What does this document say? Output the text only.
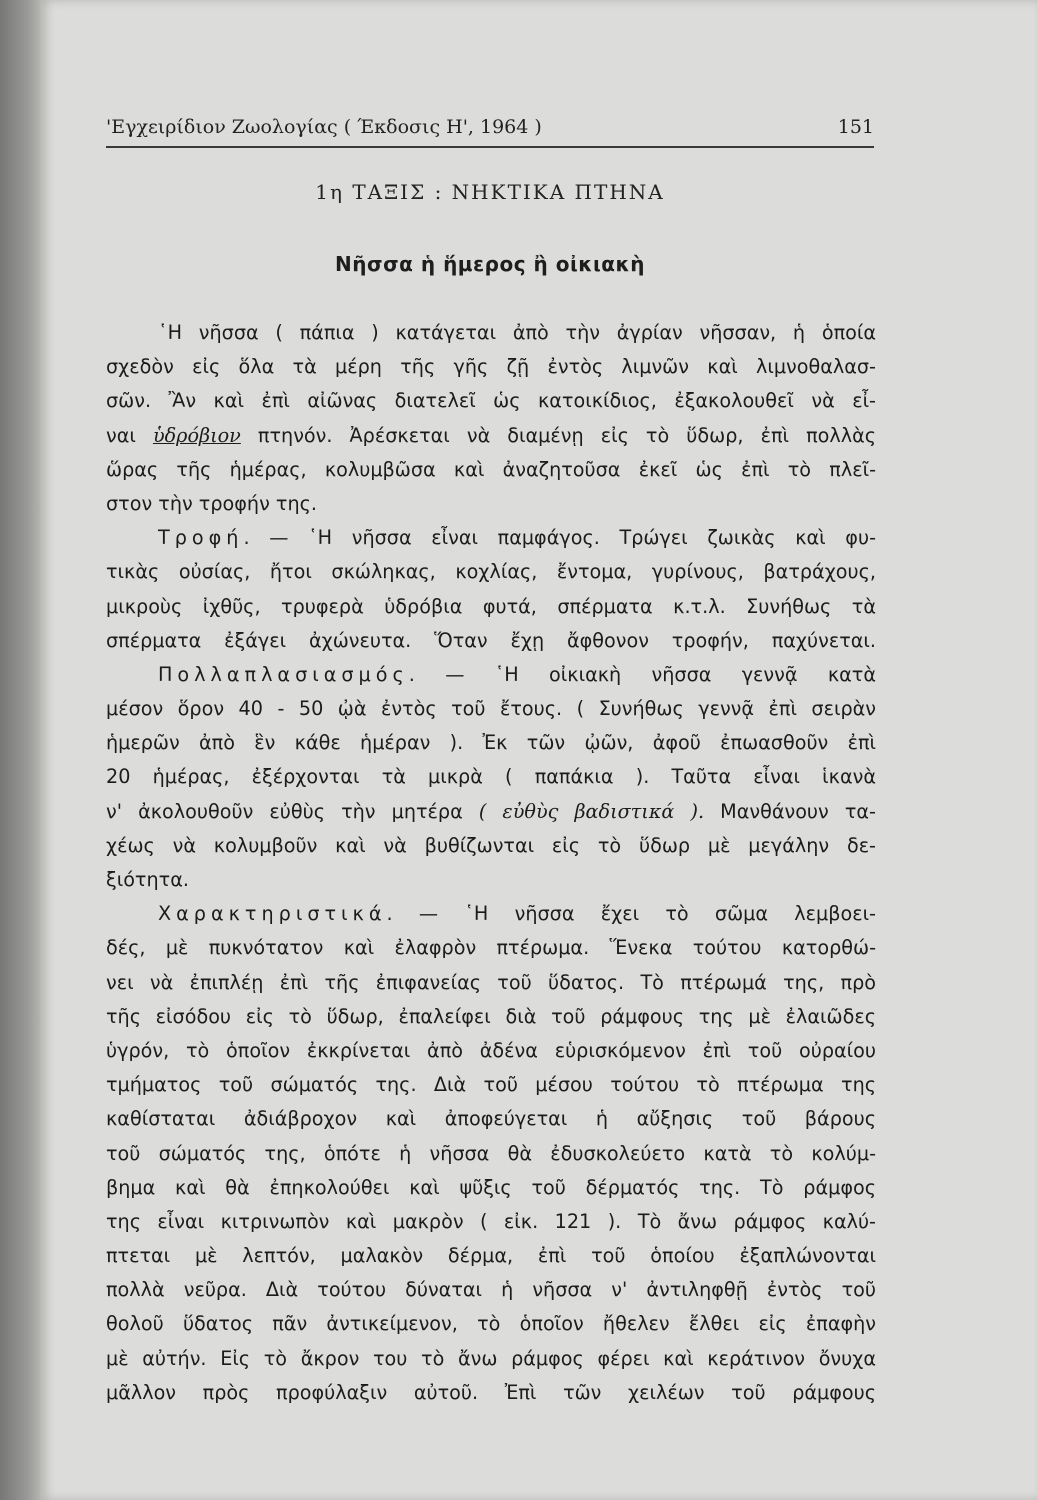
'Εγχειρίδιον Ζωολογίας ( Έκδοσις Η', 1964 )	151
1η ΤΑΞΙΣ : ΝΗΚΤΙΚΑ ΠΤΗΝΑ
Νῆσσα ἡ ἥμερος ἢ οἰκιακὴ
῾Η νῆσσα ( πάπια ) κατάγεται ἀπὸ τὴν ἀγρίαν νῆσσαν, ἡ ὁποία
σχεδὸν εἰς ὅλα τὰ μέρη τῆς γῆς ζῇ ἐντὸς λιμνῶν καὶ λιμνοθαλασ-
σῶν. Ἂν καὶ ἐπὶ αἰῶνας διατελεῖ ὡς κατοικίδιος, ἐξακολουθεῖ νὰ εἶ-
ναι ὑδρόβιον πτηνόν. Ἀρέσκεται νὰ διαμένῃ εἰς τὸ ὕδωρ, ἐπὶ πολλὰς
ὥρας τῆς ἡμέρας, κολυμβῶσα καὶ ἀναζητοῦσα ἐκεῖ ὡς ἐπὶ τὸ πλεῖ-
στον τὴν τροφήν της.
Τροφή. — ῾Η νῆσσα εἶναι παμφάγος. Τρώγει ζωικὰς καὶ φυ-
τικὰς οὐσίας, ἤτοι σκώληκας, κοχλίας, ἔντομα, γυρίνους, βατράχους,
μικροὺς ἰχθῦς, τρυφερὰ ὑδρόβια φυτά, σπέρματα κ.τ.λ. Συνήθως τὰ
σπέρματα ἐξάγει ἀχώνευτα. Ὅταν ἔχῃ ἄφθονον τροφήν, παχύνεται.
Πολλαπλασιασμός. — ῾Η οἰκιακὴ νῆσσα γεννᾷ κατὰ
μέσον ὅρον 40 - 50 ᾠὰ ἐντὸς τοῦ ἔτους. ( Συνήθως γεννᾷ ἐπὶ σειρὰν
ἡμερῶν ἀπὸ ἓν κάθε ἡμέραν ). Ἐκ τῶν ᾠῶν, ἀφοῦ ἐπωασθοῦν ἐπὶ
20 ἡμέρας, ἐξέρχονται τὰ μικρὰ ( παπάκια ). Ταῦτα εἶναι ἱκανὰ
ν' ἀκολουθοῦν εὐθὺς τὴν μητέρα ( εὐθὺς βαδιστικά ). Μανθάνουν τα-
χέως νὰ κολυμβοῦν καὶ νὰ βυθίζωνται εἰς τὸ ὕδωρ μὲ μεγάλην δε-
ξιότητα.
Χαρακτηριστικά. — ῾Η νῆσσα ἔχει τὸ σῶμα λεμβοει-
δές, μὲ πυκνότατον καὶ ἐλαφρὸν πτέρωμα. Ἕνεκα τούτου κατορθώ-
νει νὰ ἐπιπλέῃ ἐπὶ τῆς ἐπιφανείας τοῦ ὕδατος. Τὸ πτέρωμά της, πρὸ
τῆς εἰσόδου εἰς τὸ ὕδωρ, ἐπαλείφει διὰ τοῦ ράμφους της μὲ ἐλαιῶδες
ὑγρόν, τὸ ὁποῖον ἐκκρίνεται ἀπὸ ἀδένα εὑρισκόμενον ἐπὶ τοῦ οὐραίου
τμήματος τοῦ σώματός της. Διὰ τοῦ μέσου τούτου τὸ πτέρωμα της
καθίσταται ἀδιάβροχον καὶ ἀποφεύγεται ἡ αὔξησις τοῦ βάρους
τοῦ σώματός της, ὁπότε ἡ νῆσσα θὰ ἐδυσκολεύετο κατὰ τὸ κολύμ-
βημα καὶ θὰ ἐπηκολούθει καὶ ψῦξις τοῦ δέρματός της. Τὸ ράμφος
της εἶναι κιτρινωπὸν καὶ μακρὸν ( εἰκ. 121 ). Τὸ ἄνω ράμφος καλύ-
πτεται μὲ λεπτόν, μαλακὸν δέρμα, ἐπὶ τοῦ ὁποίου ἐξαπλώνονται
πολλὰ νεῦρα. Διὰ τούτου δύναται ἡ νῆσσα ν' ἀντιληφθῇ ἐντὸς τοῦ
θολοῦ ὕδατος πᾶν ἀντικείμενον, τὸ ὁποῖον ἤθελεν ἔλθει εἰς ἐπαφὴν
μὲ αὐτήν. Εἰς τὸ ἄκρον του τὸ ἄνω ράμφος φέρει καὶ κεράτινον ὄνυχα
μᾶλλον πρὸς προφύλαξιν αὐτοῦ. Ἐπὶ τῶν χειλέων τοῦ ράμφους
